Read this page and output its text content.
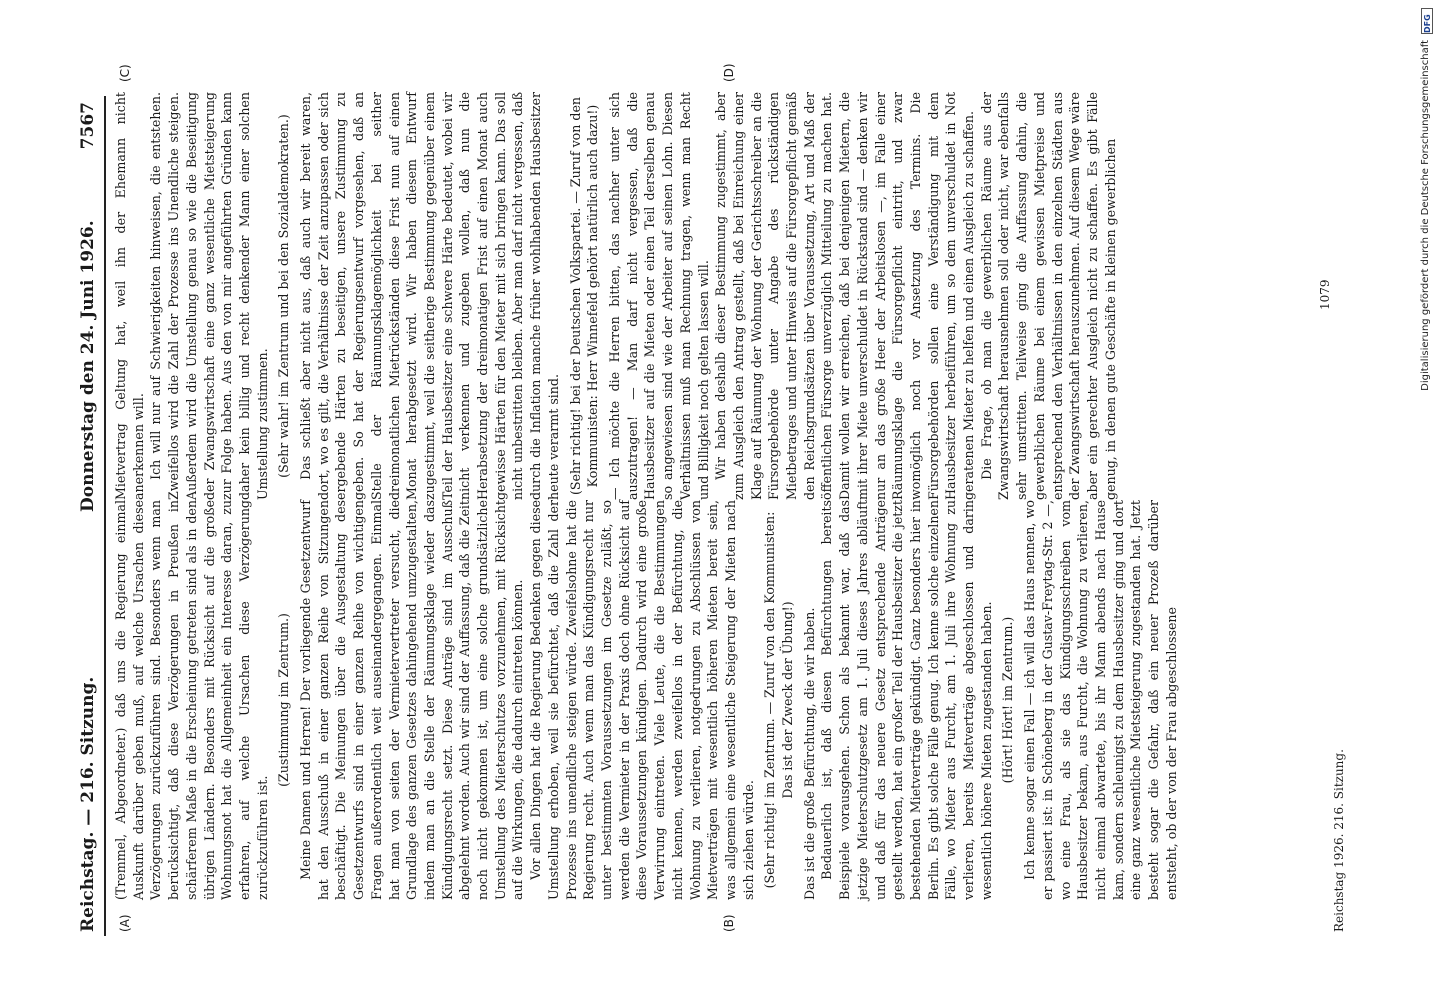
Reichstag. — 216. Sitzung.
Donnerstag den 24. Juni 1926.
7567
(A)	(B)
(C)	(D)

(Tremmel, Abgeordneter.) daß uns die Regierung einmal Auskunft darüber geben muß, auf welche Ursachen diese Verzögerungen zurückzuführen sind. Besonders wenn man berücksichtigt, daß diese Verzögerungen in Preußen in schärferem Maße in die Erscheinung getreten sind als in den übrigen Ländern. Besonders mit Rücksicht auf die große Wohnungsnot hat die Allgemeinheit ein Interesse daran, zu erfahren, auf welche Ursachen diese Verzögerung zurückzuführen ist.

(Zustimmung im Zentrum.) Meine Damen und Herren! Der vorliegende Gesetzentwurf hat den Ausschuß in einer ganzen Reihe von Sitzungen beschäftigt. Die Meinungen über die Ausgestaltung des Gesetzentwurfs sind in einer ganzen Reihe von wichtigen Fragen außerordentlich weit auseinandergegangen. Einmal hat man von seiten der Vermietervertreter versucht, die Grundlage des ganzen Gesetzes dahingehend umzugestalten, indem man an die Stelle der Räumungsklage wieder das Kündigungsrecht setzt. Diese Anträge sind im Ausschuß abgelehnt worden. Auch wir sind der Auffassung, daß die Zeit noch nicht gekommen ist, um eine solche grundsätzliche Umstellung des Mieterschutzes vorzunehmen, mit Rücksicht auf die Wirkungen, die dadurch eintreten können. Vor allen Dingen hat die Regierung Bedenken gegen diese Umstellung erhoben, weil sie befürchtet, daß die Zahl der Prozesse ins unendliche steigen würde. Zweifelsohne hat die Regierung recht. Auch wenn man das Kündigungsrecht nur unter bestimmten Voraussetzungen im Gesetze zuläßt, so werden die Vermieter in der Praxis doch ohne Rücksicht auf diese Voraussetzungen kündigen. Dadurch wird eine große Verwirrung eintreten. Viele Leute, die die Bestimmungen nicht kennen, werden zweifellos in der Befürchtung, die Wohnung zu verlieren, notgedrungen zu Abschlüssen von Mietverträgen mit wesentlich höheren Mieten bereit sein, was allgemein eine wesentliche Steigerung der Mieten nach sich ziehen würde. (Sehr richtig! im Zentrum. — Zuruf von den Kommunisten: Das ist der Zweck der Übung!) Das ist die große Befürchtung, die wir haben. Bedauerlich ist, daß diesen Befürchtungen bereits Beispiele vorausgehen. Schon als bekannt war, daß das jetzige Mieterschutzgesetz am 1. Juli dieses Jahres abläuft und daß für das neuere Gesetz entsprechende Anträge gestellt werden, hat ein großer Teil der Hausbesitzer die jetzt bestehenden Mietverträge gekündigt. Ganz besonders hier in Berlin. Es gibt solche Fälle genug. Ich kenne solche einzelnen Fälle, wo Mieter aus Furcht, am 1. Juli ihre Wohnung zu verlieren, bereits Mietverträge abgeschlossen und darin wesentlich höhere Mieten zugestanden haben. (Hört! Hört! im Zentrum.) Ich kenne sogar einen Fall — ich will das Haus nennen, wo er passiert ist: in Schöneberg in der Gustav-Freytag-Str. 2 —, wo eine Frau, als sie das Kündigungsschreiben vom Hausbesitzer bekam, aus Furcht, die Wohnung zu verlieren, nicht einmal abwartete, bis ihr Mann abends nach Hause kam, sondern schleunigst zu dem Hausbesitzer ging und dort eine ganz wesentliche Mietsteigerung zugestanden hat. Jetzt besteht sogar die Gefahr, daß ein neuer Prozeß darüber entsteht, ob der von der Frau abgeschlossene

Mietvertrag Geltung hat, weil ihn der Ehemann nicht anerkennen will. Ich will nur auf Schwierigkeiten hinweisen, die entstehen. Zweifellos wird die Zahl der Prozesse ins Unendliche steigen. Außerdem wird die Umstellung genau so wie die Beseitigung der Zwangswirtschaft eine ganz wesentliche Mietsteigerung zur Folge haben. Aus den von mir angeführten Gründen kann daher kein billig und recht denkender Mann einer solchen Umstellung zustimmen. (Sehr wahr! im Zentrum und bei den Sozialdemokraten.) Das schließt aber nicht aus, daß auch wir bereit waren, dort, wo es gilt, die Verhältnisse der Zeit anzupassen oder sich ergebende Härten zu beseitigen, unsere Zustimmung zu geben. So hat der Regierungsentwurf vorgesehen, daß an Stelle der Räumungsklagemöglichkeit bei seither dreimonatlichen Mietrückständen diese Frist nun auf einen Monat herabgesetzt wird. Wir haben diesem Entwurf zugestimmt, weil die seitherige Bestimmung gegenüber einem Teil der Hausbesitzer eine schwere Härte bedeutet, wobei wir nicht verkennen und zugeben wollen, daß nun die Herabsetzung der dreimonatigen Frist auf einen Monat auch gewisse Härten für den Mieter mit sich bringen kann. Das soll nicht unbestritten bleiben. Aber man darf nicht vergessen, daß durch die Inflation manche früher wohlhabenden Hausbesitzer heute verarmt sind. (Sehr richtig! bei der Deutschen Volkspartei. — Zuruf von den Kommunisten: Herr Winnefeld gehört natürlich auch dazu!) — Ich möchte die Herren bitten, das nachher unter sich auszutragen! — Man darf nicht vergessen, daß die Hausbesitzer auf die Mieten oder einen Teil derselben genau so angewiesen sind wie der Arbeiter auf seinen Lohn. Diesen Verhältnissen muß man Rechnung tragen, wenn man Recht und Billigkeit noch gelten lassen will. Wir haben deshalb dieser Bestimmung zugestimmt, aber zum Ausgleich den Antrag gestellt, daß bei Einreichung einer Klage auf Räumung der Wohnung der Gerichtsschreiber an die Fürsorgebehörde unter Angabe des rückständigen Mietbetrages und unter Hinweis auf die Fürsorgepflicht gemäß den Reichsgrundsätzen über Voraussetzung, Art und Maß der öffentlichen Fürsorge unverzüglich Mitteilung zu machen hat. Damit wollen wir erreichen, daß bei denjenigen Mietern, die mit ihrer Miete unverschuldet in Rückstand sind — denken wir nur an das große Heer der Arbeitslosen —, im Falle einer Räumungsklage die Fürsorgepflicht eintritt, und zwar womöglich noch vor Ansetzung des Termins. Die Fürsorgebehörden sollen eine Verständigung mit dem Hausbesitzer herbeiführen, um so dem unverschuldet in Not geratenen Mieter zu helfen und einen Ausgleich zu schaffen. Die Frage, ob man die gewerblichen Räume aus der Zwangswirtschaft herausnehmen soll oder nicht, war ebenfalls sehr umstritten. Teilweise ging die Auffassung dahin, die gewerblichen Räume bei einem gewissen Mietpreise und entsprechend den Verhältnissen in den einzelnen Städten aus der Zwangswirtschaft herauszunehmen. Auf diesem Wege wäre aber ein gerechter Ausgleich nicht zu schaffen. Es gibt Fälle genug, in denen gute Geschäfte in kleinen gewerblichen

Reichstag 1926. 216. Sitzung.
1079	Digitalisierung gefördert durch die Deutsche Forschungsgemeinschaft
DFG
